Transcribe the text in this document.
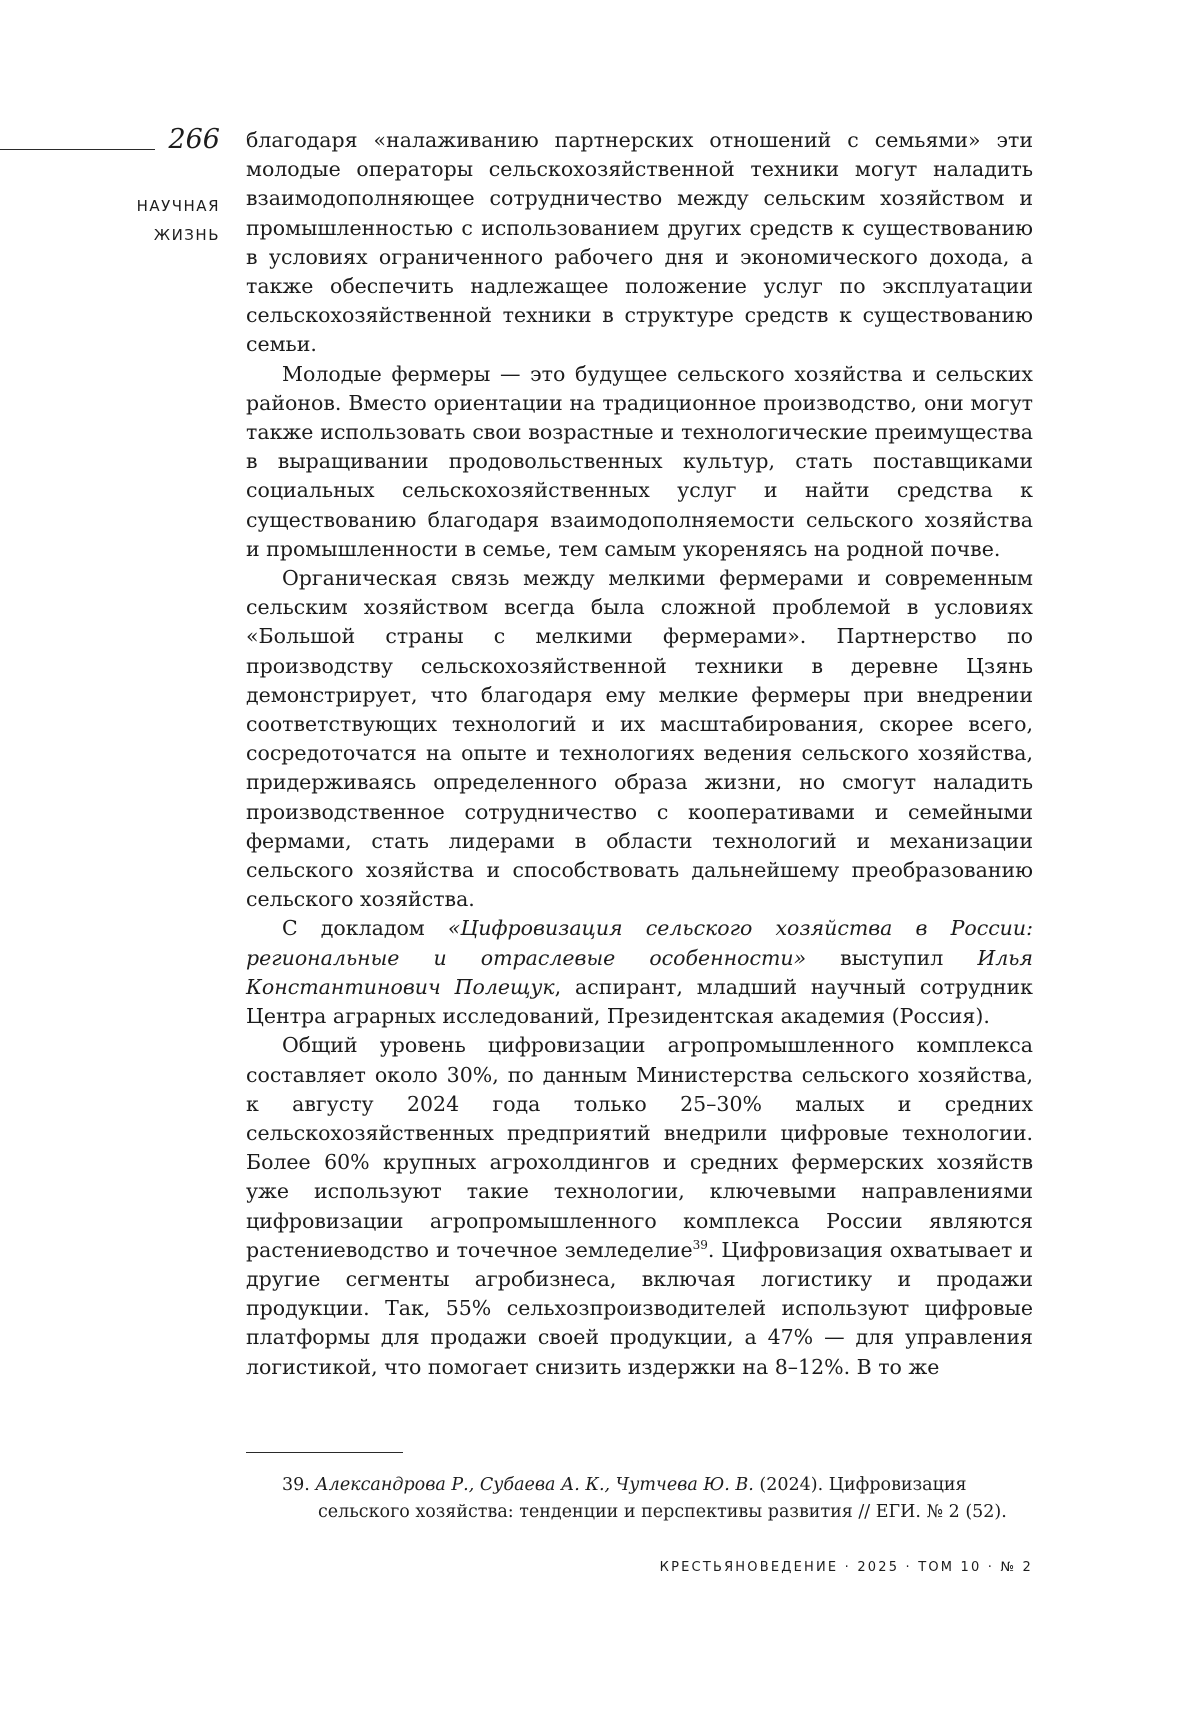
266
НАУЧНАЯ
ЖИЗНЬ

благодаря «налаживанию партнерских отношений с семьями» эти молодые операторы сельскохозяйственной техники могут наладить взаимодополняющее сотрудничество между сельским хозяйством и промышленностью с использованием других средств к существованию в условиях ограниченного рабочего дня и экономического дохода, а также обеспечить надлежащее положение услуг по эксплуатации сельскохозяйственной техники в структуре средств к существованию семьи.

Молодые фермеры — это будущее сельского хозяйства и сельских районов. Вместо ориентации на традиционное производство, они могут также использовать свои возрастные и технологические преимущества в выращивании продовольственных культур, стать поставщиками социальных сельскохозяйственных услуг и найти средства к существованию благодаря взаимодополняемости сельского хозяйства и промышленности в семье, тем самым укореняясь на родной почве.

Органическая связь между мелкими фермерами и современным сельским хозяйством всегда была сложной проблемой в условиях «Большой страны с мелкими фермерами». Партнерство по производству сельскохозяйственной техники в деревне Цзянь демонстрирует, что благодаря ему мелкие фермеры при внедрении соответствующих технологий и их масштабирования, скорее всего, сосредоточатся на опыте и технологиях ведения сельского хозяйства, придерживаясь определенного образа жизни, но смогут наладить производственное сотрудничество с кооперативами и семейными фермами, стать лидерами в области технологий и механизации сельского хозяйства и способствовать дальнейшему преобразованию сельского хозяйства.

С докладом «Цифровизация сельского хозяйства в России: региональные и отраслевые особенности» выступил Илья Константинович Полещук, аспирант, младший научный сотрудник Центра аграрных исследований, Президентская академия (Россия).

Общий уровень цифровизации агропромышленного комплекса составляет около 30%, по данным Министерства сельского хозяйства, к августу 2024 года только 25–30% малых и средних сельскохозяйственных предприятий внедрили цифровые технологии. Более 60% крупных агрохолдингов и средних фермерских хозяйств уже используют такие технологии, ключевыми направлениями цифровизации агропромышленного комплекса России являются растениеводство и точечное земледелие39. Цифровизация охватывает и другие сегменты агробизнеса, включая логистику и продажи продукции. Так, 55% сельхозпроизводителей используют цифровые платформы для продажи своей продукции, а 47% — для управления логистикой, что помогает снизить издержки на 8–12%. В то же

39. Александрова Р., Субаева А. К., Чутчева Ю. В. (2024). Цифровизация
сельского хозяйства: тенденции и перспективы развития // ЕГИ. № 2 (52).
КРЕСТЬЯНОВЕДЕНИЕ · 2025 · ТОМ 10 · № 2
